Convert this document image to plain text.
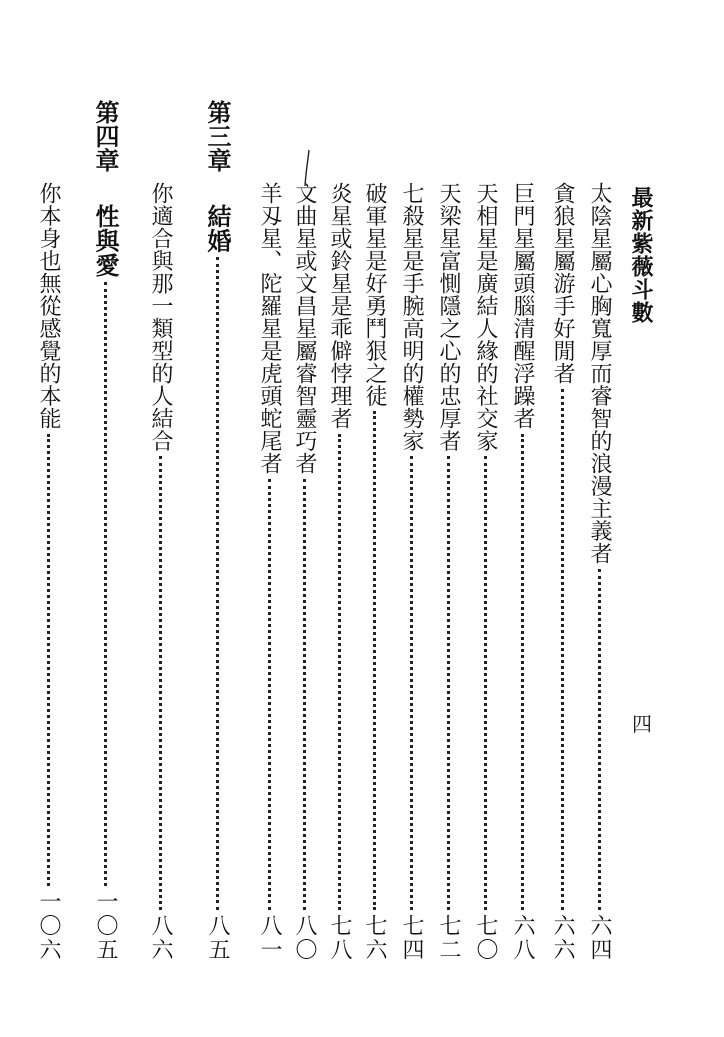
最新紫薇斗數
四
太陰星屬心胸寬厚而睿智的浪漫主義者
六四
貪狼星屬游手好閒者
六六
巨門星屬頭腦清醒浮躁者
六八
天相星是廣結人緣的社交家
七〇
天梁星富惻隱之心的忠厚者
七二
七殺星是手腕高明的權勢家
七四
破軍星是好勇鬥狠之徒
七六
炎星或鈴星是乖僻悖理者
七八
文曲星或文昌星屬睿智靈巧者
八〇
羊刄星、陀羅星是虎頭蛇尾者
八一
第三章
結婚
八五
你適合與那一類型的人結合
八六
第四章
性與愛
一〇五
你本身也無從感覺的本能
一〇六
